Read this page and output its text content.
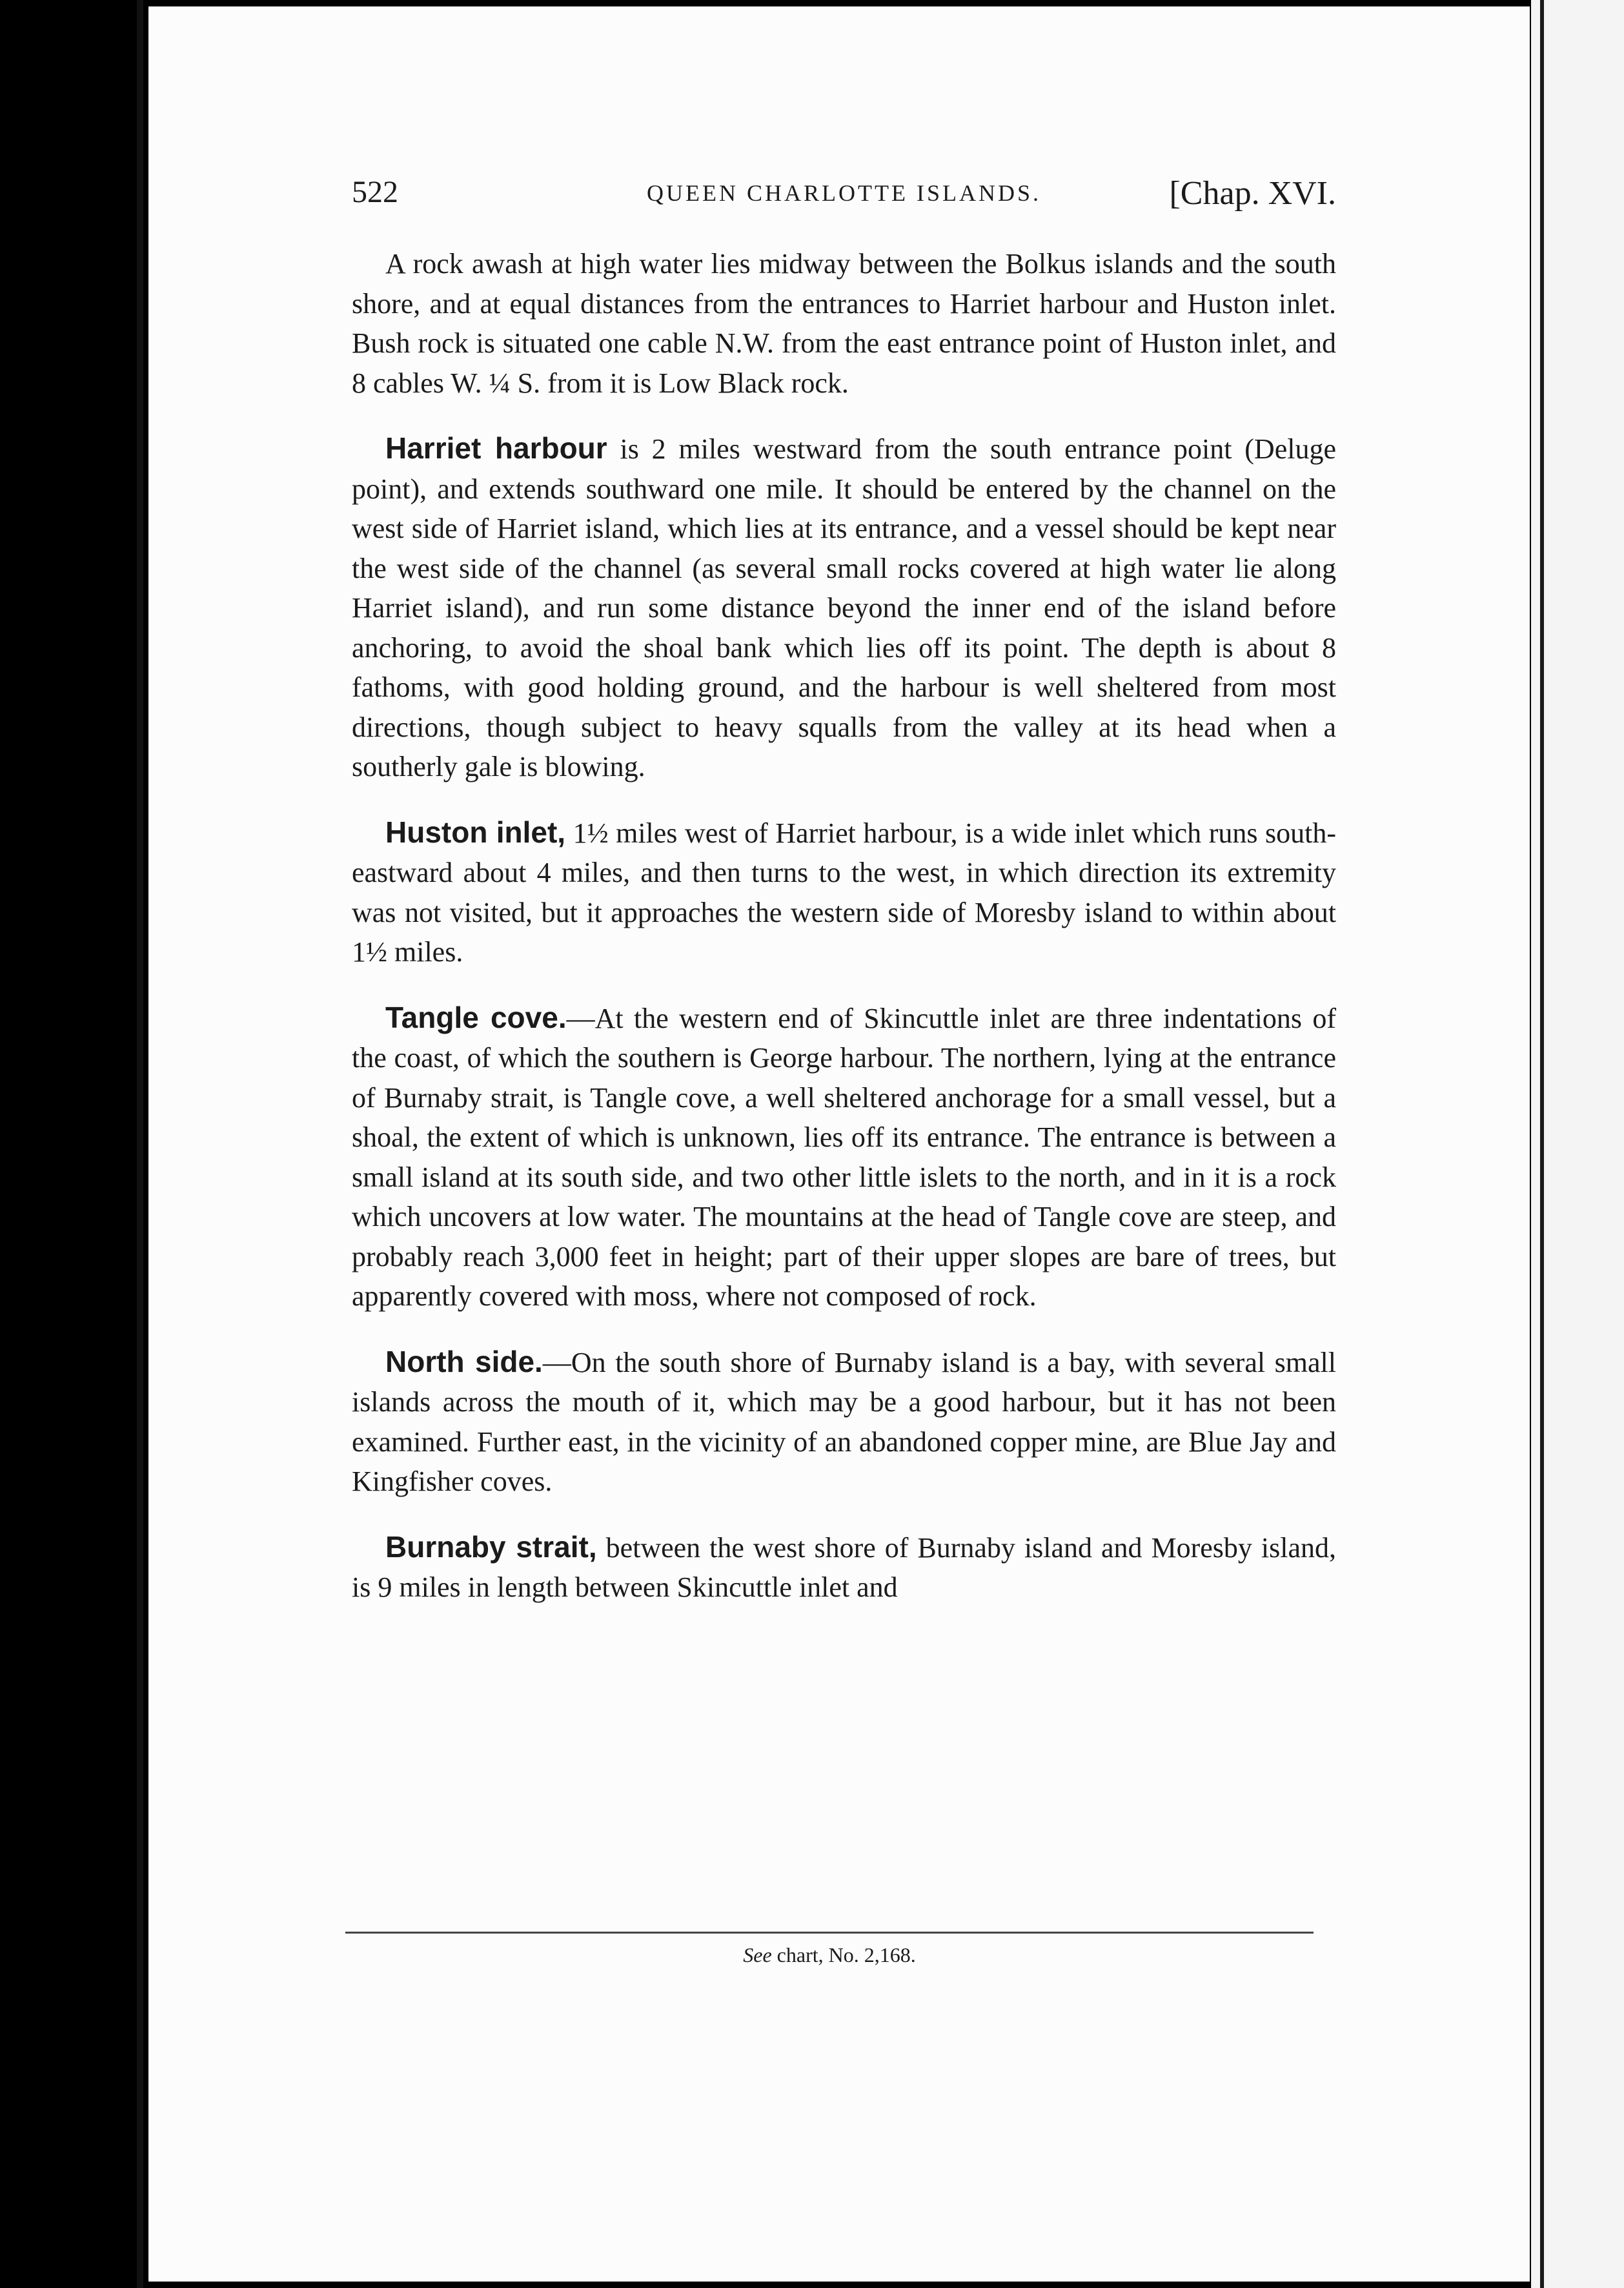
522	QUEEN CHARLOTTE ISLANDS.	[Chap. XVI.

A rock awash at high water lies midway between the Bolkus islands and the south shore, and at equal distances from the entrances to Harriet harbour and Huston inlet. Bush rock is situated one cable N.W. from the east entrance point of Huston inlet, and 8 cables W. ¼ S. from it is Low Black rock.

Harriet harbour is 2 miles westward from the south entrance point (Deluge point), and extends southward one mile. It should be entered by the channel on the west side of Harriet island, which lies at its entrance, and a vessel should be kept near the west side of the channel (as several small rocks covered at high water lie along Harriet island), and run some distance beyond the inner end of the island before anchoring, to avoid the shoal bank which lies off its point. The depth is about 8 fathoms, with good holding ground, and the harbour is well sheltered from most directions, though subject to heavy squalls from the valley at its head when a southerly gale is blowing.

Huston inlet, 1½ miles west of Harriet harbour, is a wide inlet which runs south-eastward about 4 miles, and then turns to the west, in which direction its extremity was not visited, but it approaches the western side of Moresby island to within about 1½ miles.

Tangle cove.—At the western end of Skincuttle inlet are three indentations of the coast, of which the southern is George harbour. The northern, lying at the entrance of Burnaby strait, is Tangle cove, a well sheltered anchorage for a small vessel, but a shoal, the extent of which is unknown, lies off its entrance. The entrance is between a small island at its south side, and two other little islets to the north, and in it is a rock which uncovers at low water. The mountains at the head of Tangle cove are steep, and probably reach 3,000 feet in height; part of their upper slopes are bare of trees, but apparently covered with moss, where not composed of rock.

North side.—On the south shore of Burnaby island is a bay, with several small islands across the mouth of it, which may be a good harbour, but it has not been examined. Further east, in the vicinity of an abandoned copper mine, are Blue Jay and Kingfisher coves.

Burnaby strait, between the west shore of Burnaby island and Moresby island, is 9 miles in length between Skincuttle inlet and

See chart, No. 2,168.
